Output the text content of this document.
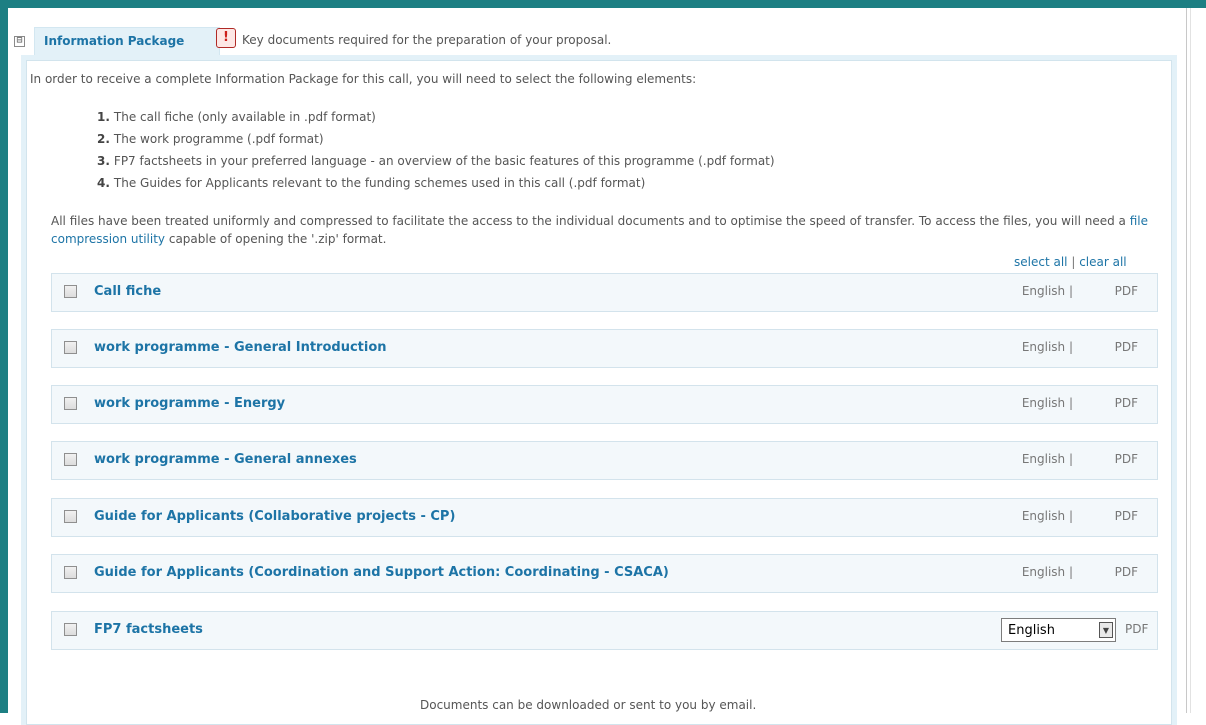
⊟ Information Package	!	Key documents required for the preparation of your proposal.
In order to receive a complete Information Package for this call, you will need to select the following elements:
1. The call fiche (only available in .pdf format)
2. The work programme (.pdf format)
3. FP7 factsheets in your preferred language - an overview of the basic features of this programme (.pdf format)
4. The Guides for Applicants relevant to the funding schemes used in this call (.pdf format)
All files have been treated uniformly and compressed to facilitate the access to the individual documents and to optimise the speed of transfer. To access the files, you will need a file compression utility capable of opening the '.zip' format.
select all | clear all
Call fiche	English |	PDF
work programme - General Introduction	English |	PDF
work programme - Energy	English |	PDF
work programme - General annexes	English |	PDF
Guide for Applicants (Collaborative projects - CP)	English |	PDF
Guide for Applicants (Coordination and Support Action: Coordinating - CSACA)	English |	PDF
FP7 factsheets	English	▼	PDF
Documents can be downloaded or sent to you by email.
